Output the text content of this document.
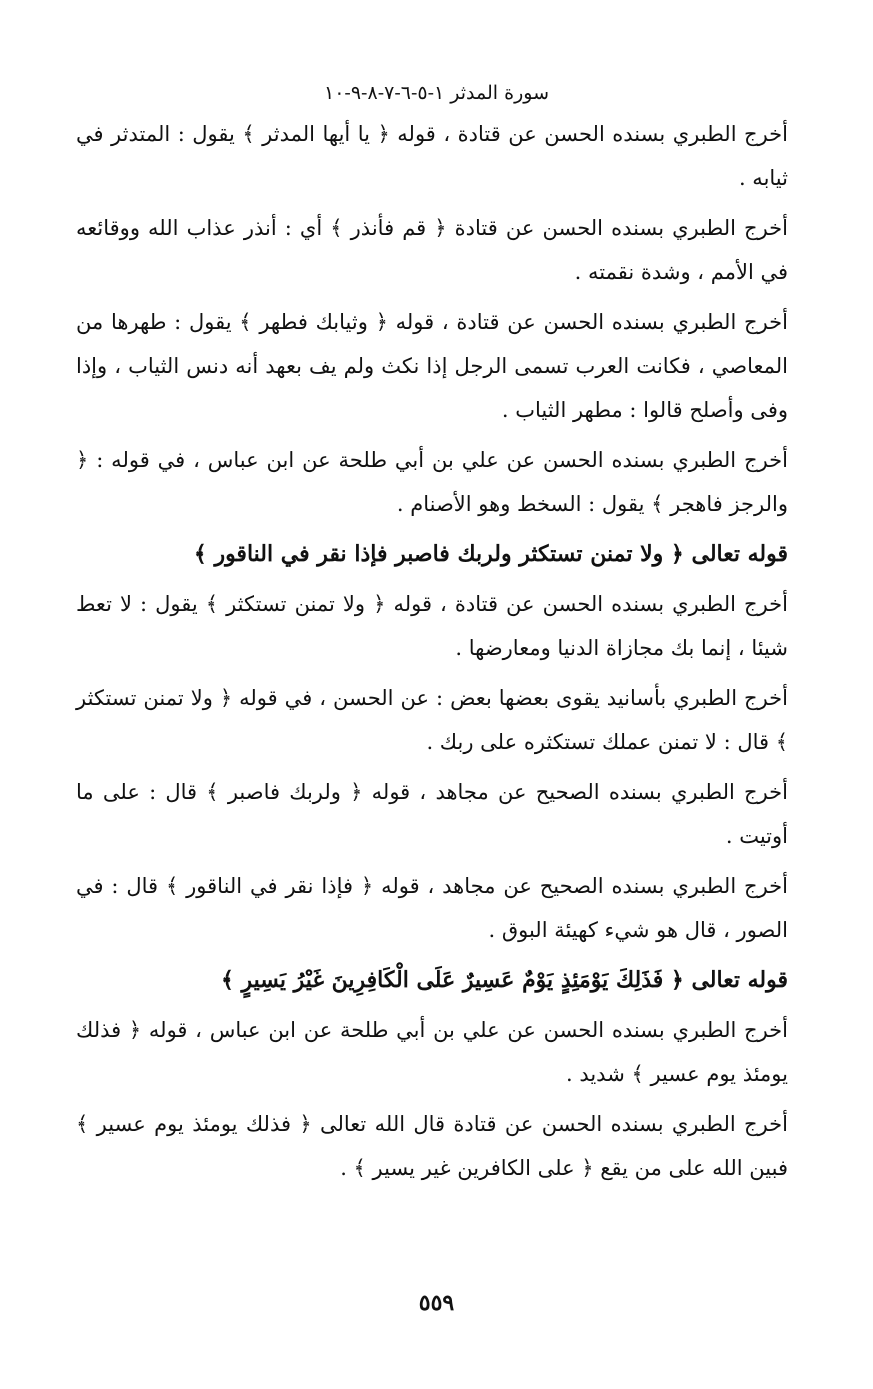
سورة المدثر ١-٥-٦-٧-٨-٩-١٠

أخرج الطبري بسنده الحسن عن قتادة ، قوله ﴿ يا أيها المدثر ﴾ يقول : المتدثر في ثيابه .

أخرج الطبري بسنده الحسن عن قتادة ﴿ قم فأنذر ﴾ أي : أنذر عذاب الله ووقائعه في الأمم ، وشدة نقمته .

أخرج الطبري بسنده الحسن عن قتادة ، قوله ﴿ وثيابك فطهر ﴾ يقول : طهرها من المعاصي ، فكانت العرب تسمى الرجل إذا نكث ولم يف بعهد أنه دنس الثياب ، وإذا وفى وأصلح قالوا : مطهر الثياب .

أخرج الطبري بسنده الحسن عن علي بن أبي طلحة عن ابن عباس ، في قوله : ﴿ والرجز فاهجر ﴾ يقول : السخط وهو الأصنام .

قوله تعالى ﴿ ولا تمنن تستكثر ولربك فاصبر فإذا نقر في الناقور ﴾

أخرج الطبري بسنده الحسن عن قتادة ، قوله ﴿ ولا تمنن تستكثر ﴾ يقول : لا تعط شيئا ، إنما بك مجازاة الدنيا ومعارضها .

أخرج الطبري بأسانيد يقوى بعضها بعض : عن الحسن ، في قوله ﴿ ولا تمنن تستكثر ﴾ قال : لا تمنن عملك تستكثره على ربك .

أخرج الطبري بسنده الصحيح عن مجاهد ، قوله ﴿ ولربك فاصبر ﴾ قال : على ما أوتيت .

أخرج الطبري بسنده الصحيح عن مجاهد ، قوله ﴿ فإذا نقر في الناقور ﴾ قال : في الصور ، قال هو شيء كهيئة البوق .

قوله تعالى ﴿ فَذَلِكَ يَوْمَئِذٍ يَوْمٌ عَسِيرٌ عَلَى الْكَافِرِينَ غَيْرُ يَسِيرٍ ﴾

أخرج الطبري بسنده الحسن عن علي بن أبي طلحة عن ابن عباس ، قوله ﴿ فذلك يومئذ يوم عسير ﴾ شديد .

أخرج الطبري بسنده الحسن عن قتادة قال الله تعالى ﴿ فذلك يومئذ يوم عسير ﴾ فبين الله على من يقع ﴿ على الكافرين غير يسير ﴾ .

٥٥٩
